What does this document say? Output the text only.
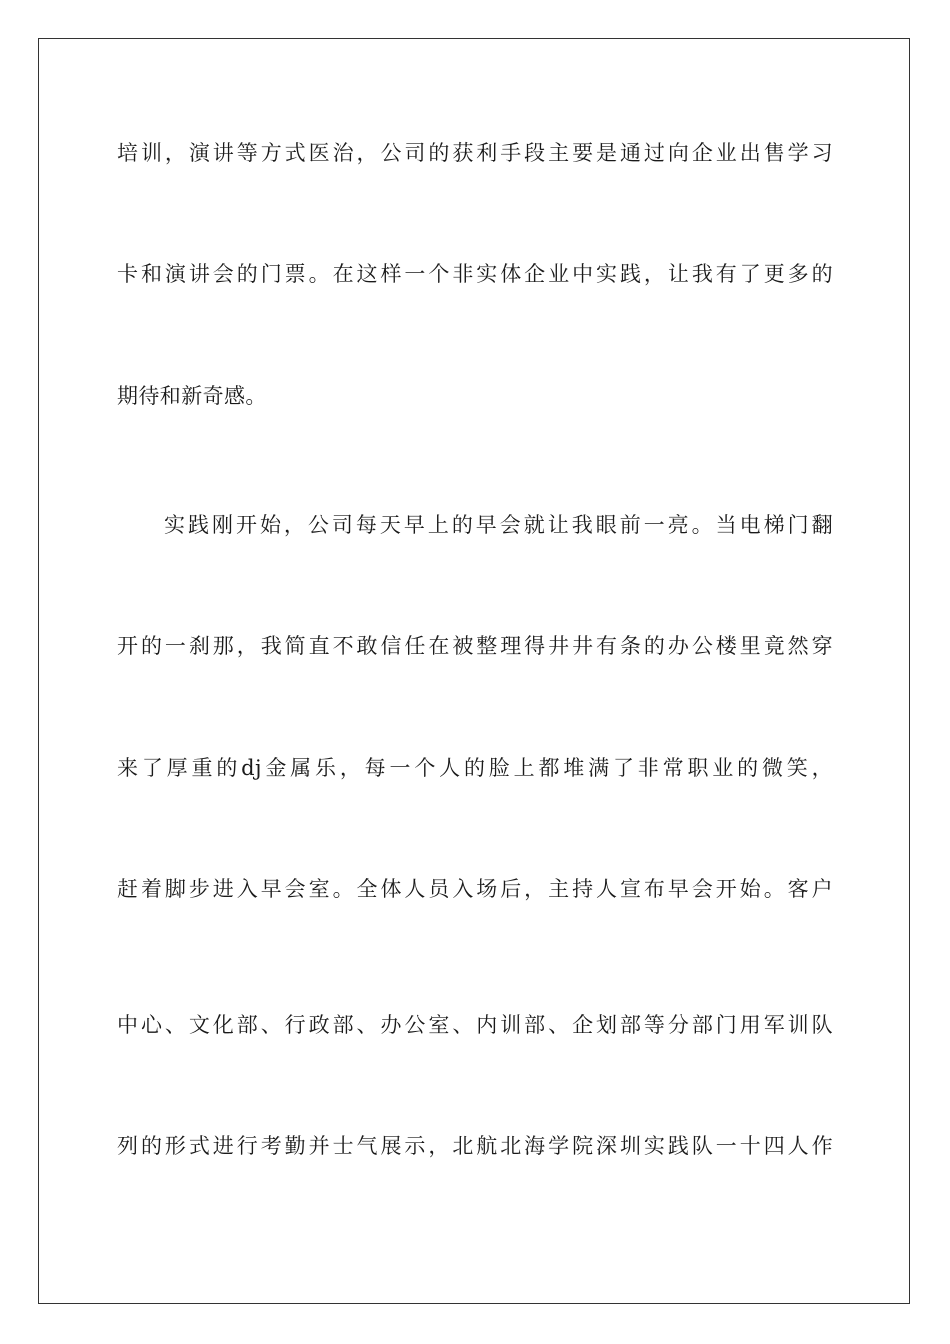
培训，演讲等方式医治，公司的获利手段主要是通过向企业出售学习
卡和演讲会的门票。在这样一个非实体企业中实践，让我有了更多的
期待和新奇感。
实践刚开始，公司每天早上的早会就让我眼前一亮。当电梯门翻
开的一刹那，我简直不敢信任在被整理得井井有条的办公楼里竟然穿
来了厚重的dj金属乐，每一个人的脸上都堆满了非常职业的微笑，
赶着脚步进入早会室。全体人员入场后，主持人宣布早会开始。客户
中心、文化部、行政部、办公室、内训部、企划部等分部门用军训队
列的形式进行考勤并士气展示，北航北海学院深圳实践队一十四人作
